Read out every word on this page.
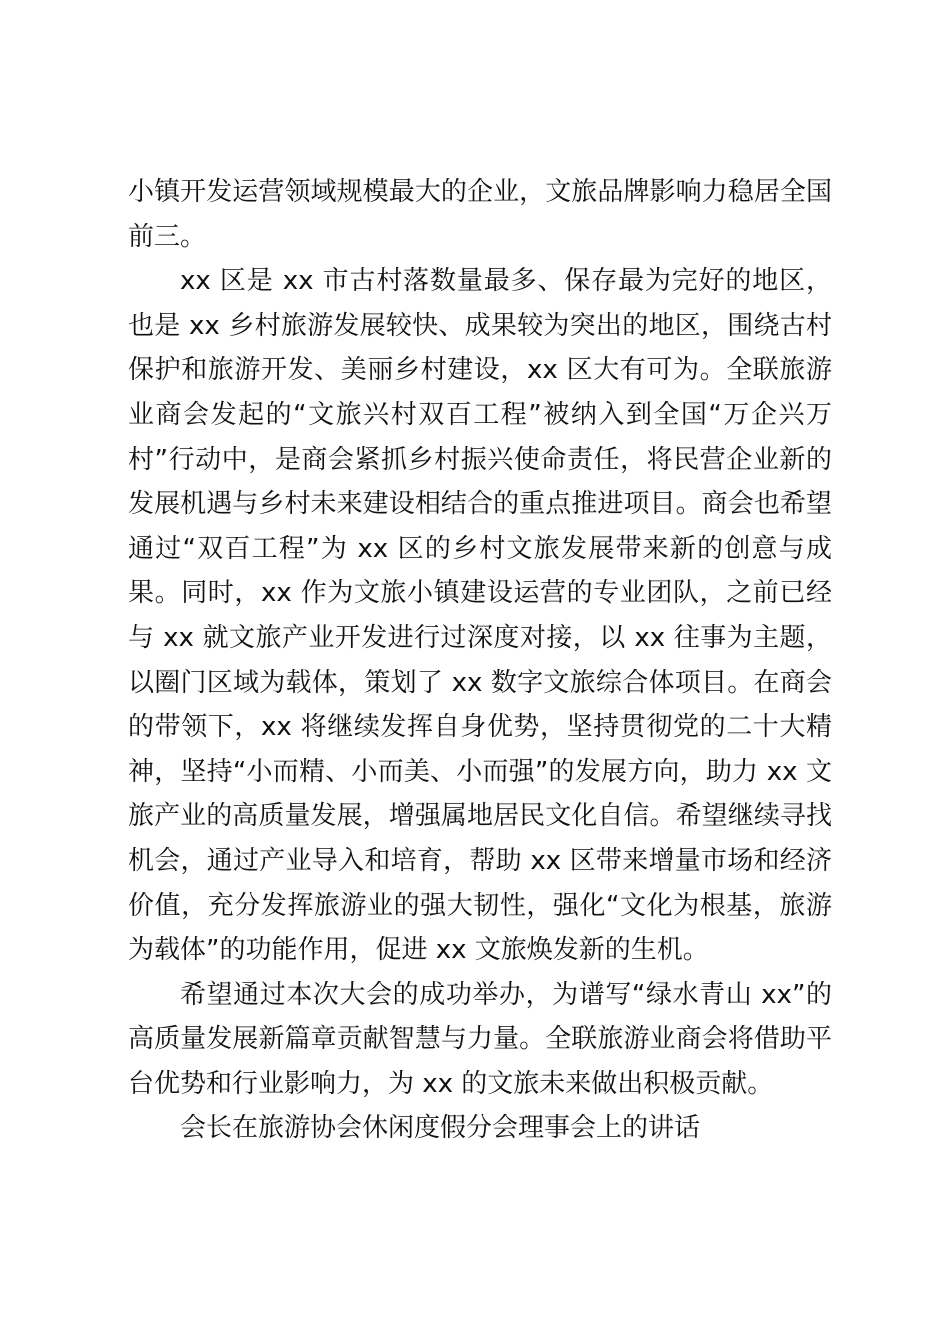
小镇开发运营领域规模最大的企业，文旅品牌影响力稳居全国前三。

xx 区是 xx 市古村落数量最多、保存最为完好的地区，也是 xx 乡村旅游发展较快、成果较为突出的地区，围绕古村保护和旅游开发、美丽乡村建设，xx 区大有可为。全联旅游业商会发起的“文旅兴村双百工程”被纳入到全国“万企兴万村”行动中，是商会紧抓乡村振兴使命责任，将民营企业新的发展机遇与乡村未来建设相结合的重点推进项目。商会也希望通过“双百工程”为 xx 区的乡村文旅发展带来新的创意与成果。同时，xx 作为文旅小镇建设运营的专业团队，之前已经与 xx 就文旅产业开发进行过深度对接，以 xx 往事为主题，以圈门区域为载体，策划了 xx 数字文旅综合体项目。在商会的带领下，xx 将继续发挥自身优势，坚持贯彻党的二十大精神，坚持“小而精、小而美、小而强”的发展方向，助力 xx 文旅产业的高质量发展，增强属地居民文化自信。希望继续寻找机会，通过产业导入和培育，帮助 xx 区带来增量市场和经济价值，充分发挥旅游业的强大韧性，强化“文化为根基，旅游为载体”的功能作用，促进 xx 文旅焕发新的生机。

希望通过本次大会的成功举办，为谱写“绿水青山 xx”的高质量发展新篇章贡献智慧与力量。全联旅游业商会将借助平台优势和行业影响力，为 xx 的文旅未来做出积极贡献。

会长在旅游协会休闲度假分会理事会上的讲话
